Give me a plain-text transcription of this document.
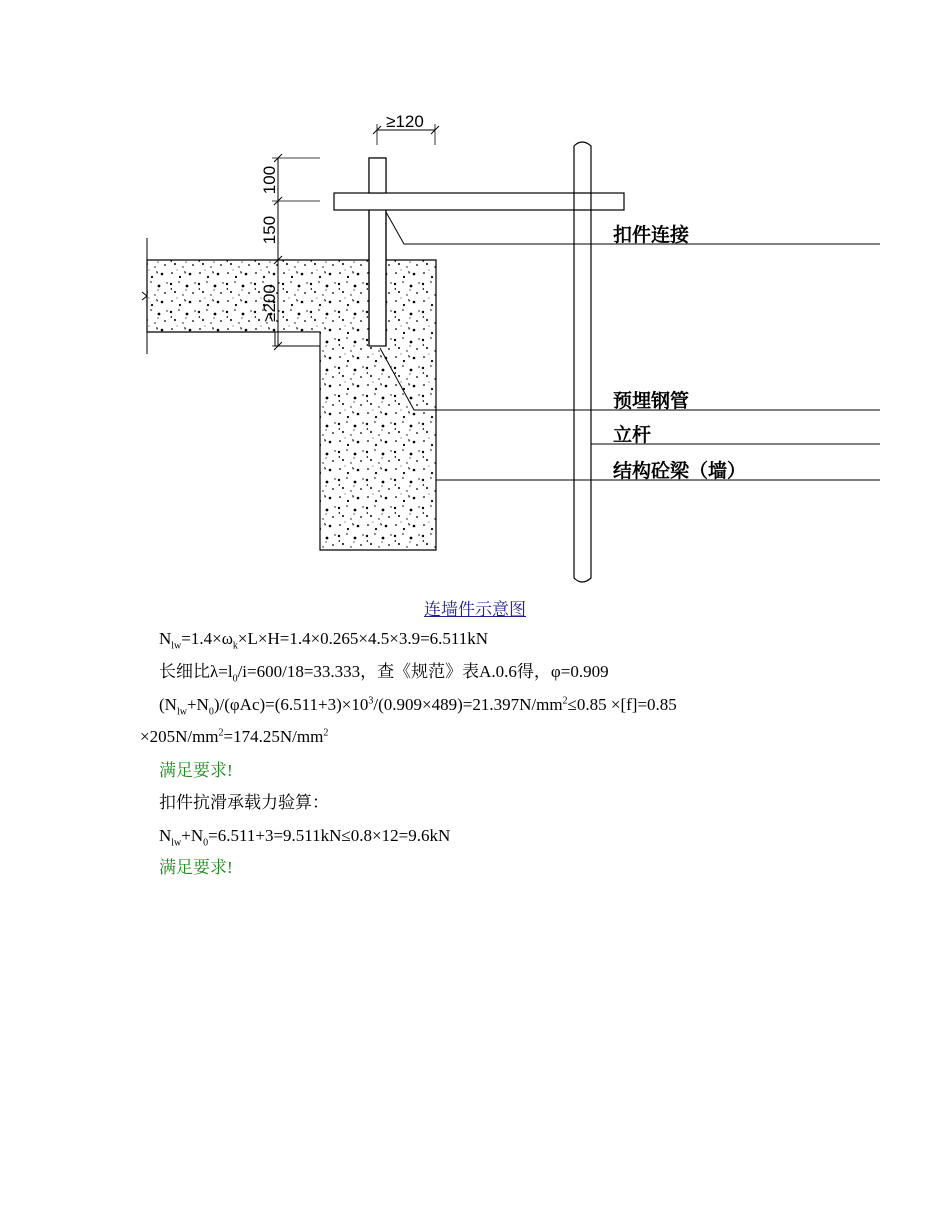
100
150
≥200
≥120
扣件连接
预埋钢管
立杆
结构砼梁（墙）
连墙件示意图
$N_{lw}=1.4\times\omega_k\times L\times H=1.4\times 0.265\times 4.5\times 3.9=6.511kN$
长细比$\lambda=l_0/i=600/18=33.333$，查《规范》表A.0.6得，φ=0.909
$(N_{lw}+N_0)/(\varphi Ac)=(6.511+3)\times 10^3/(0.909\times 489)=21.397N/mm^2\le 0.85 \times[f]=0.85$
$\times 205N/mm^2=174.25N/mm^2$
满足要求!
扣件抗滑承载力验算：
$N_{lw}+N_0=6.511+3=9.511kN\le 0.8\times 12=9.6kN$
满足要求!
